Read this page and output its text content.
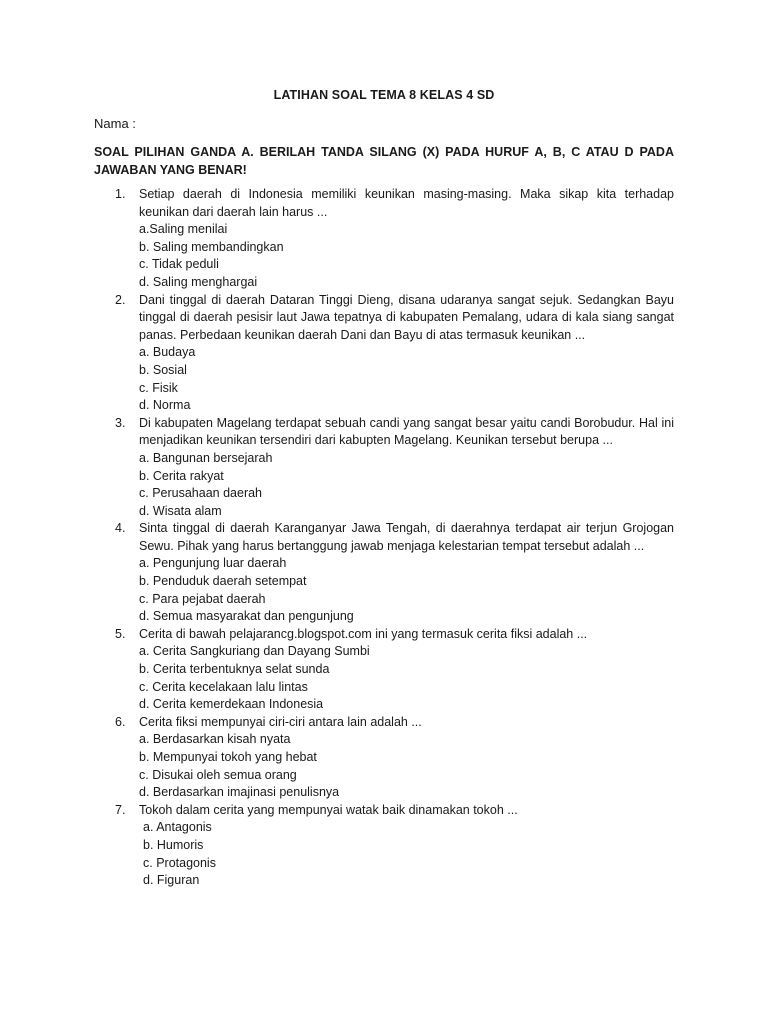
LATIHAN SOAL TEMA 8 KELAS 4 SD
Nama :
SOAL PILIHAN GANDA A. BERILAH TANDA SILANG (X) PADA HURUF A, B, C ATAU D PADA JAWABAN YANG BENAR!
1.	Setiap daerah di Indonesia memiliki keunikan masing-masing. Maka sikap kita terhadap keunikan dari daerah lain harus ...
a.Saling menilai
b. Saling membandingkan
c. Tidak peduli
d. Saling menghargai
2.	Dani tinggal di daerah Dataran Tinggi Dieng, disana udaranya sangat sejuk. Sedangkan Bayu tinggal di daerah pesisir laut Jawa tepatnya di kabupaten Pemalang, udara di kala siang sangat panas. Perbedaan keunikan daerah Dani dan Bayu di atas termasuk keunikan ...
a. Budaya
b. Sosial
c. Fisik
d. Norma
3.	Di kabupaten Magelang terdapat sebuah candi yang sangat besar yaitu candi Borobudur. Hal ini menjadikan keunikan tersendiri dari kabupten Magelang. Keunikan tersebut berupa ...
a. Bangunan bersejarah
b. Cerita rakyat
c. Perusahaan daerah
d. Wisata alam
4.	Sinta tinggal di daerah Karanganyar Jawa Tengah, di daerahnya terdapat air terjun Grojogan Sewu. Pihak yang harus bertanggung jawab menjaga kelestarian tempat tersebut adalah ...
a. Pengunjung luar daerah
b. Penduduk daerah setempat
c. Para pejabat daerah
d. Semua masyarakat dan pengunjung
5.	Cerita di bawah pelajarancg.blogspot.com ini yang termasuk cerita fiksi adalah ...
a. Cerita Sangkuriang dan Dayang Sumbi
b. Cerita terbentuknya selat sunda
c. Cerita kecelakaan lalu lintas
d. Cerita kemerdekaan Indonesia
6.	Cerita fiksi mempunyai ciri-ciri antara lain adalah ...
a. Berdasarkan kisah nyata
b. Mempunyai tokoh yang hebat
c. Disukai oleh semua orang
d. Berdasarkan imajinasi penulisnya
7.	Tokoh dalam cerita yang mempunyai watak baik dinamakan tokoh ...
a. Antagonis
b. Humoris
c. Protagonis
d. Figuran
